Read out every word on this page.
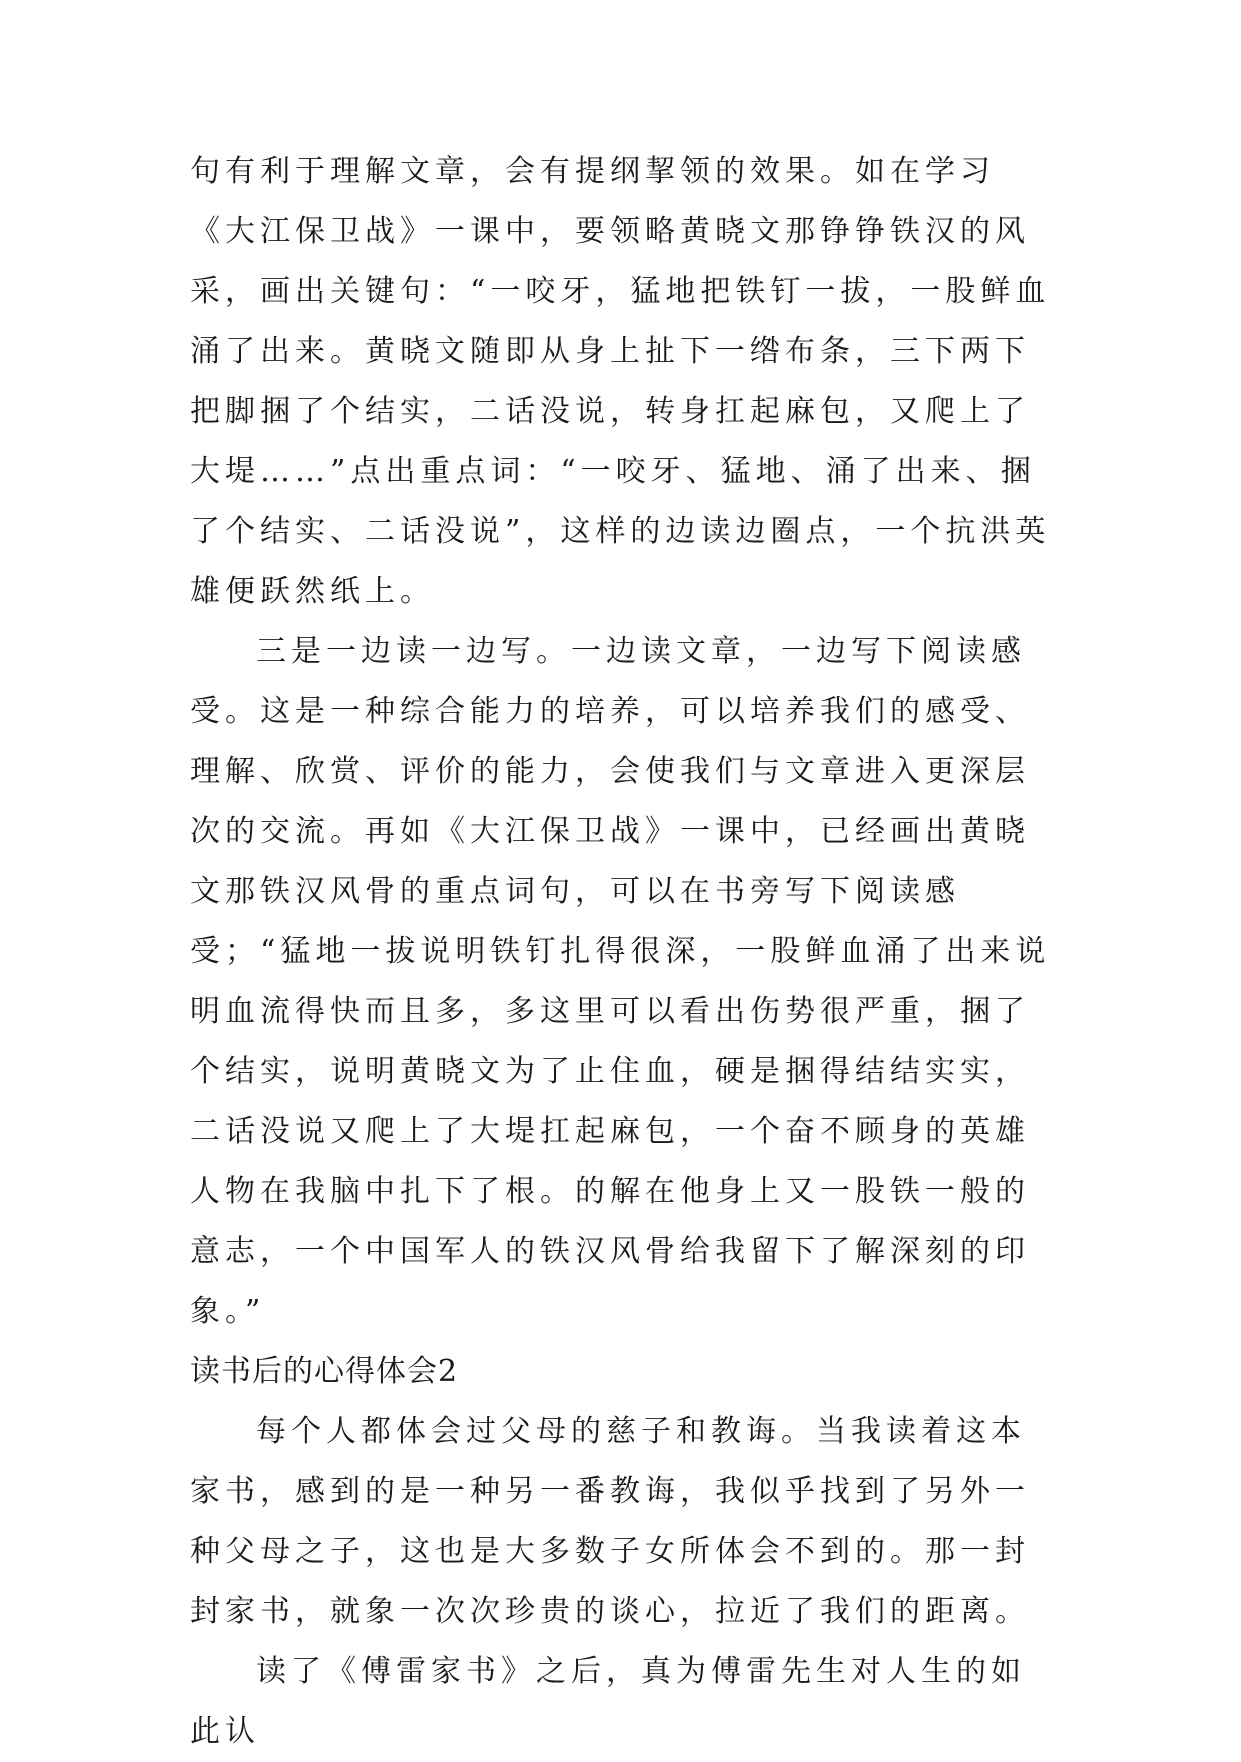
句有利于理解文章，会有提纲挈领的效果。如在学习《大江保卫战》一课中，要领略黄晓文那铮铮铁汉的风采，画出关键句：“一咬牙，猛地把铁钉一拔，一股鲜血涌了出来。黄晓文随即从身上扯下一绺布条，三下两下把脚捆了个结实，二话没说，转身扛起麻包，又爬上了大堤……”点出重点词：“一咬牙、猛地、涌了出来、捆了个结实、二话没说”，这样的边读边圈点，一个抗洪英雄便跃然纸上。

三是一边读一边写。一边读文章，一边写下阅读感受。这是一种综合能力的培养，可以培养我们的感受、理解、欣赏、评价的能力，会使我们与文章进入更深层次的交流。再如《大江保卫战》一课中，已经画出黄晓文那铁汉风骨的重点词句，可以在书旁写下阅读感受；“猛地一拔说明铁钉扎得很深，一股鲜血涌了出来说明血流得快而且多，多这里可以看出伤势很严重，捆了个结实，说明黄晓文为了止住血，硬是捆得结结实实，二话没说又爬上了大堤扛起麻包，一个奋不顾身的英雄人物在我脑中扎下了根。的解在他身上又一股铁一般的意志，一个中国军人的铁汉风骨给我留下了解深刻的印象。”

读书后的心得体会2

每个人都体会过父母的慈子和教诲。当我读着这本家书，感到的是一种另一番教诲，我似乎找到了另外一种父母之子，这也是大多数子女所体会不到的。那一封封家书，就象一次次珍贵的谈心，拉近了我们的距离。

读了《傅雷家书》之后，真为傅雷先生对人生的如此认
